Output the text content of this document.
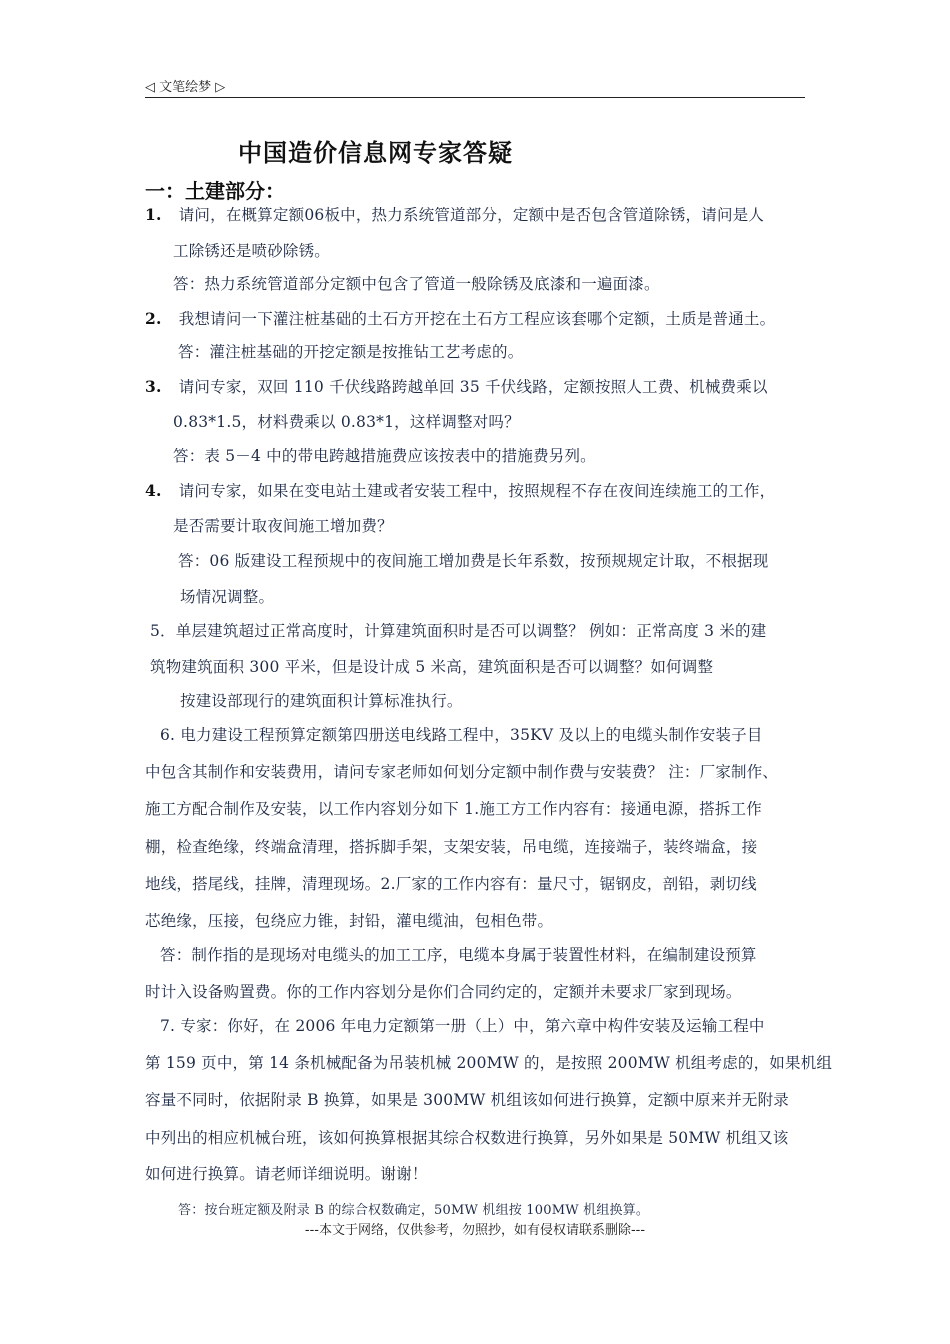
◁ 文笔绘梦 ▷
中国造价信息网专家答疑
一：土建部分：
1. 请问，在概算定额06板中，热力系统管道部分，定额中是否包含管道除锈，请问是人
工除锈还是喷砂除锈。
答：热力系统管道部分定额中包含了管道一般除锈及底漆和一遍面漆。
2. 我想请问一下灌注桩基础的土石方开挖在土石方工程应该套哪个定额，土质是普通土。
答：灌注桩基础的开挖定额是按推钻工艺考虑的。
3. 请问专家，双回 110 千伏线路跨越单回 35 千伏线路，定额按照人工费、机械费乘以
0.83*1.5，材料费乘以 0.83*1，这样调整对吗？
答：表 5－4 中的带电跨越措施费应该按表中的措施费另列。
4. 请问专家，如果在变电站土建或者安装工程中，按照规程不存在夜间连续施工的工作，
是否需要计取夜间施工增加费？
答：06 版建设工程预规中的夜间施工增加费是长年系数，按预规规定计取，不根据现
场情况调整。
5．单层建筑超过正常高度时，计算建筑面积时是否可以调整？ 例如：正常高度 3 米的建
筑物建筑面积 300 平米，但是设计成 5 米高，建筑面积是否可以调整？如何调整
按建设部现行的建筑面积计算标准执行。
6. 电力建设工程预算定额第四册送电线路工程中，35KV 及以上的电缆头制作安装子目
中包含其制作和安装费用，请问专家老师如何划分定额中制作费与安装费？ 注：厂家制作、
施工方配合制作及安装，以工作内容划分如下 1.施工方工作内容有：接通电源，搭拆工作
棚，检查绝缘，终端盒清理，搭拆脚手架，支架安装，吊电缆，连接端子，装终端盒，接
地线，搭尾线，挂牌，清理现场。2.厂家的工作内容有：量尺寸，锯钢皮，剖铅，剥切线
芯绝缘，压接，包绕应力锥，封铅，灌电缆油，包相色带。
答：制作指的是现场对电缆头的加工工序，电缆本身属于装置性材料，在编制建设预算
时计入设备购置费。你的工作内容划分是你们合同约定的，定额并未要求厂家到现场。
7. 专家：你好，在 2006 年电力定额第一册（上）中，第六章中构件安装及运输工程中
第 159 页中，第 14 条机械配备为吊装机械 200MW 的，是按照 200MW 机组考虑的，如果机组
容量不同时，依据附录 B 换算，如果是 300MW 机组该如何进行换算，定额中原来并无附录
中列出的相应机械台班，该如何换算根据其综合权数进行换算，另外如果是 50MW 机组又该
如何进行换算。请老师详细说明。谢谢！
答：按台班定额及附录 B 的综合权数确定，50MW 机组按 100MW 机组换算。
---本文于网络，仅供参考，勿照抄，如有侵权请联系删除---
